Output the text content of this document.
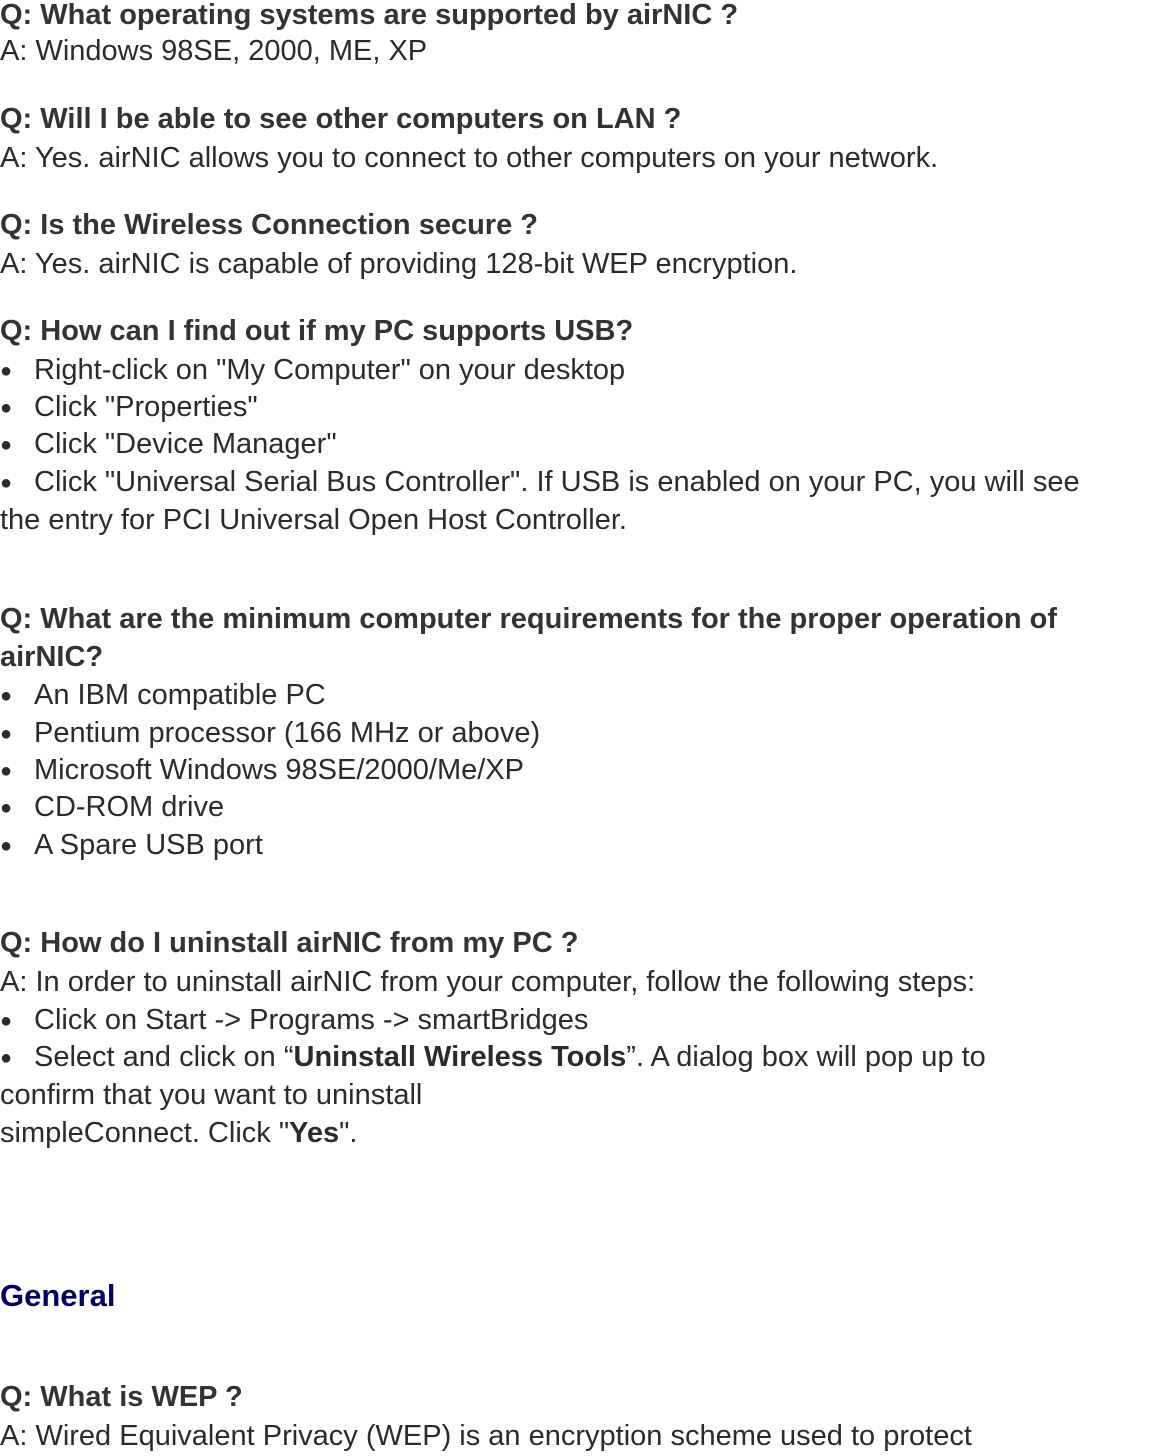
Q: What operating systems are supported by airNIC ?
A: Windows 98SE, 2000, ME, XP
Q: Will I be able to see other computers on LAN ?
A: Yes. airNIC allows you to connect to other computers on your network.
Q: Is the Wireless Connection secure ?
A: Yes. airNIC is capable of providing 128-bit WEP encryption.
Q: How can I find out if my PC supports USB?
● Right-click on "My Computer" on your desktop
● Click "Properties"
● Click "Device Manager"
● Click "Universal Serial Bus Controller". If USB is enabled on your PC, you will see
the entry for PCI Universal Open Host Controller.
Q: What are the minimum computer requirements for the proper operation of
airNIC?
● An IBM compatible PC
● Pentium processor (166 MHz or above)
● Microsoft Windows 98SE/2000/Me/XP
● CD-ROM drive
● A Spare USB port
Q: How do I uninstall airNIC from my PC ?
A: In order to uninstall airNIC from your computer, follow the following steps:
● Click on Start -> Programs -> smartBridges
● Select and click on “Uninstall Wireless Tools”. A dialog box will pop up to
confirm that you want to uninstall
simpleConnect. Click "Yes".
General
Q: What is WEP ?
A: Wired Equivalent Privacy (WEP) is an encryption scheme used to protect
